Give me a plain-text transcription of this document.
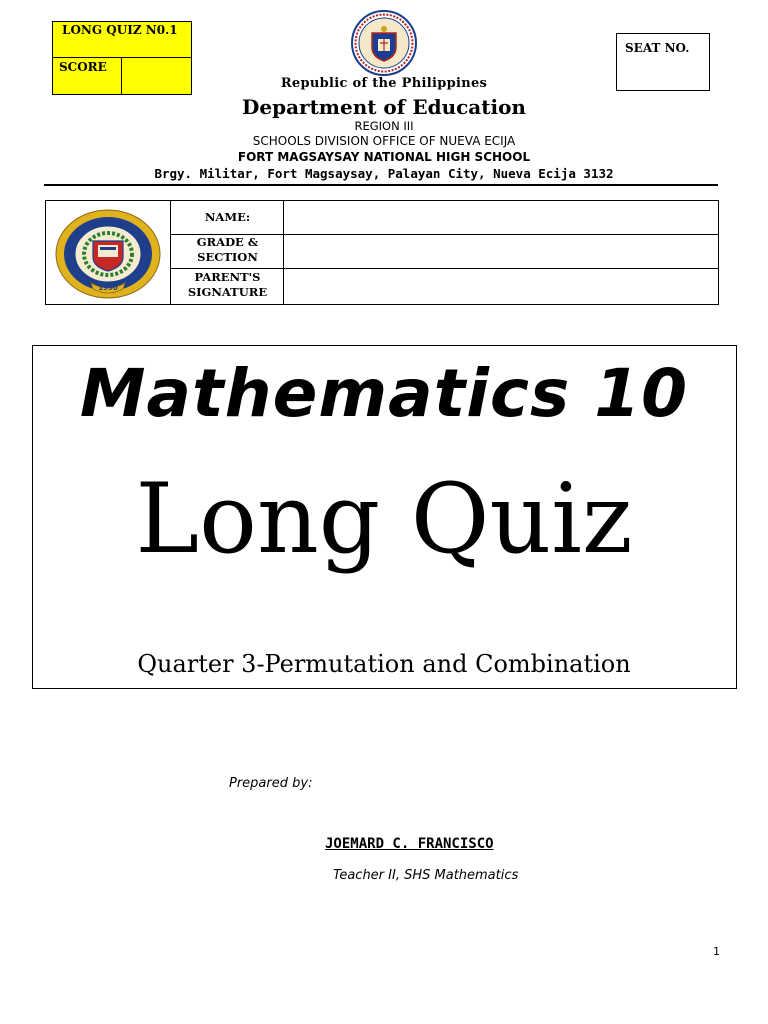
LONG QUIZ N0.1
SCORE
SEAT NO.
Republic of the Philippines
Department of Education
REGION III
SCHOOLS DIVISION OFFICE OF NUEVA ECIJA
FORT MAGSAYSAY NATIONAL HIGH SCHOOL
Brgy. Militar, Fort Magsaysay, Palayan City, Nueva Ecija 3132
NAME:
GRADE &
SECTION
PARENT'S
SIGNATURE
1990
Mathematics 10
Long Quiz
Quarter 3-Permutation and Combination
Prepared by:
JOEMARD C. FRANCISCO
Teacher II, SHS Mathematics
1
